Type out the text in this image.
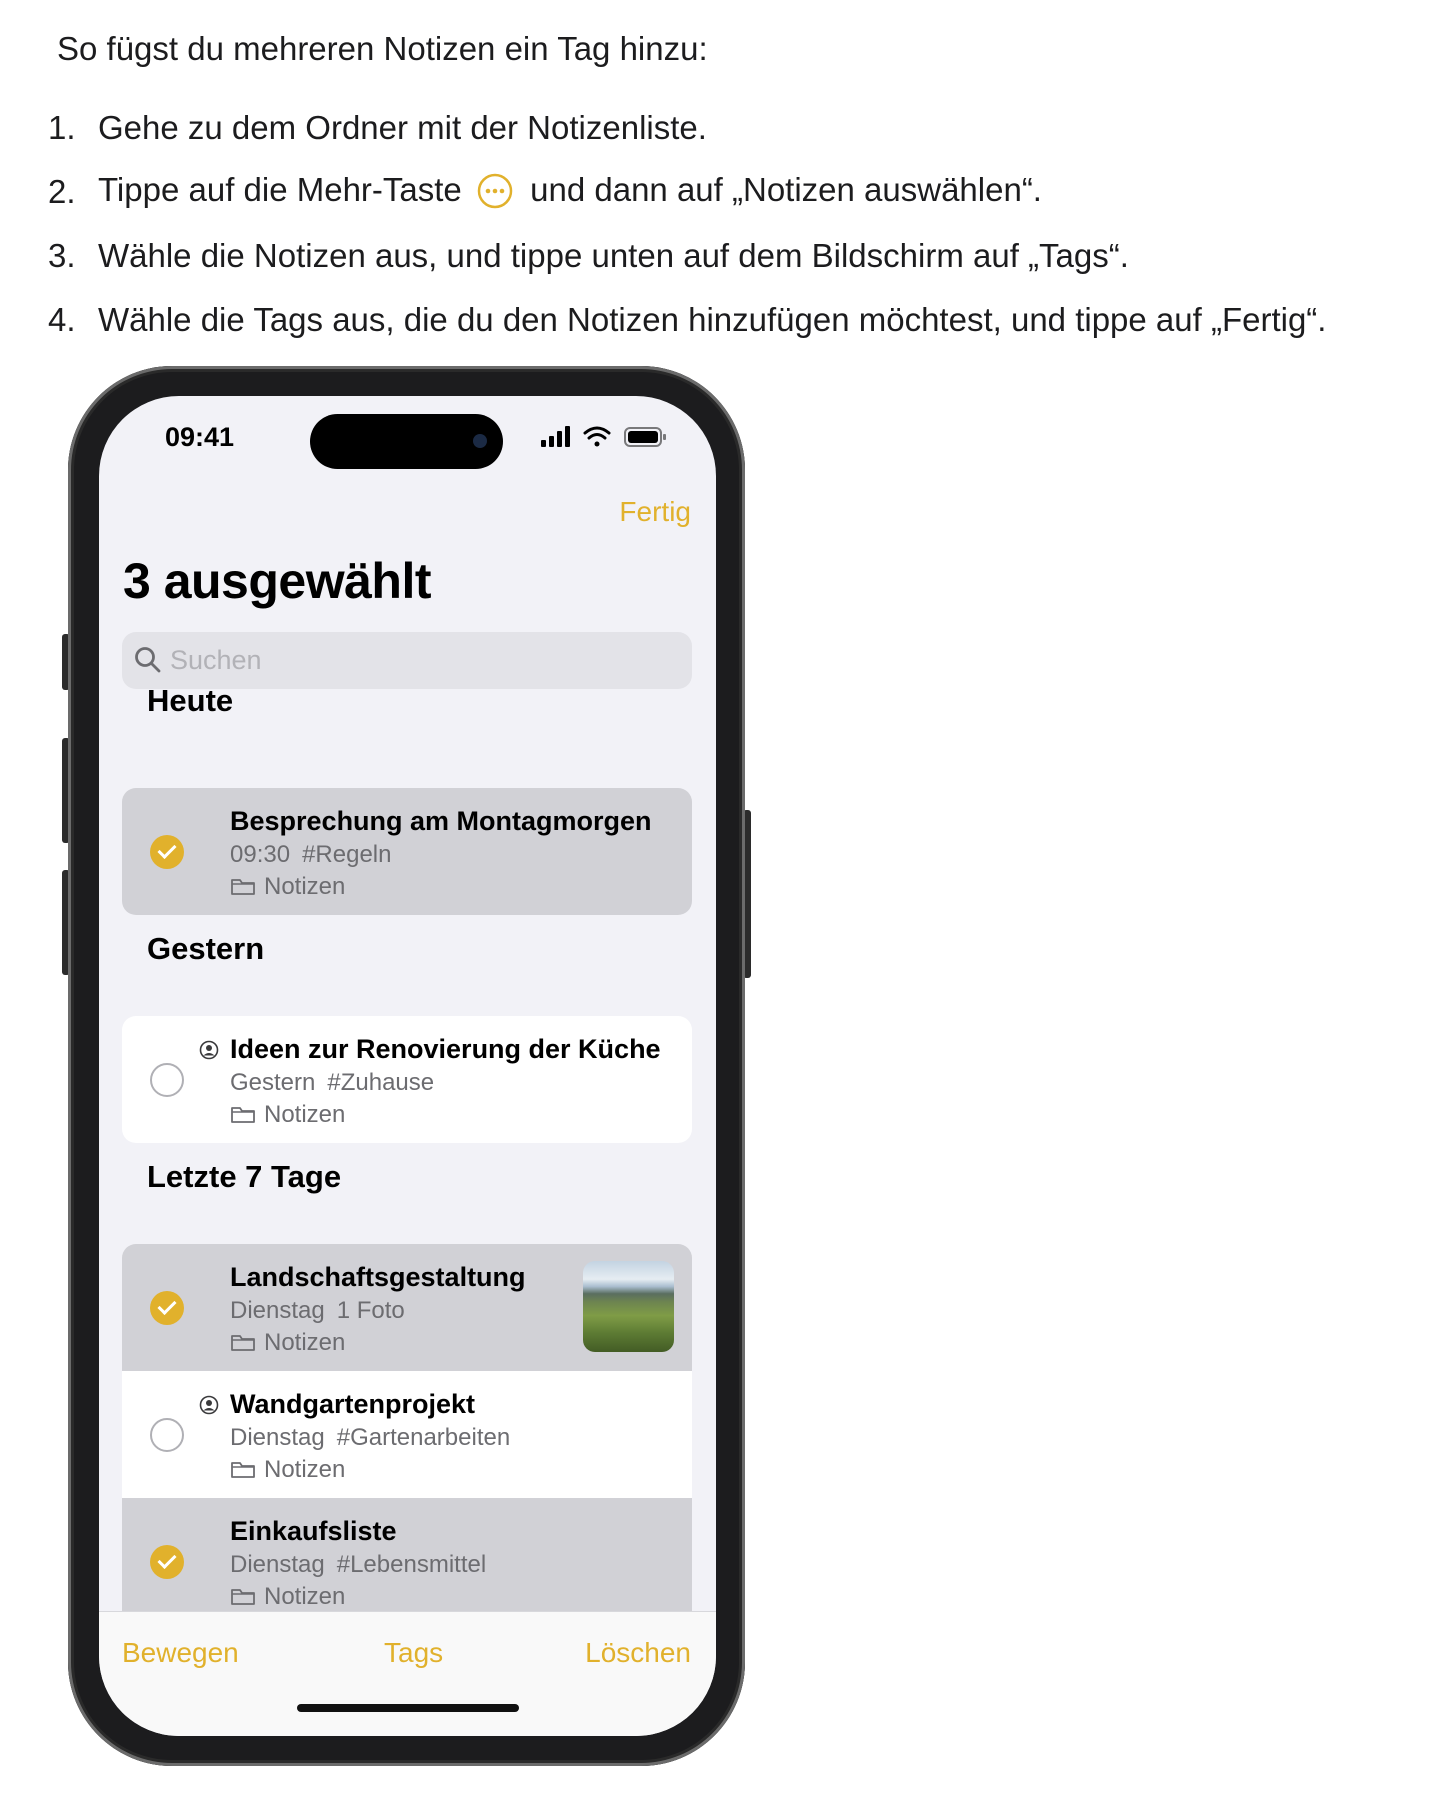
So fügst du mehreren Notizen ein Tag hinzu:
1. Gehe zu dem Ordner mit der Notizenliste.
2. Tippe auf die Mehr-Taste und dann auf „Notizen auswählen“.
3. Wähle die Notizen aus, und tippe unten auf dem Bildschirm auf „Tags“.
4. Wähle die Tags aus, die du den Notizen hinzufügen möchtest, und tippe auf „Fertig“.
09:41
Fertig
3 ausgewählt
Suchen
Heute
Besprechung am Montagmorgen
09:30 #Regeln
Notizen
Gestern
Ideen zur Renovierung der Küche
Gestern #Zuhause
Notizen
Letzte 7 Tage
Landschaftsgestaltung
Dienstag 1 Foto
Notizen
Wandgartenprojekt
Dienstag #Gartenarbeiten
Notizen
Einkaufsliste
Dienstag #Lebensmittel
Notizen
Bewegen	Tags	Löschen
